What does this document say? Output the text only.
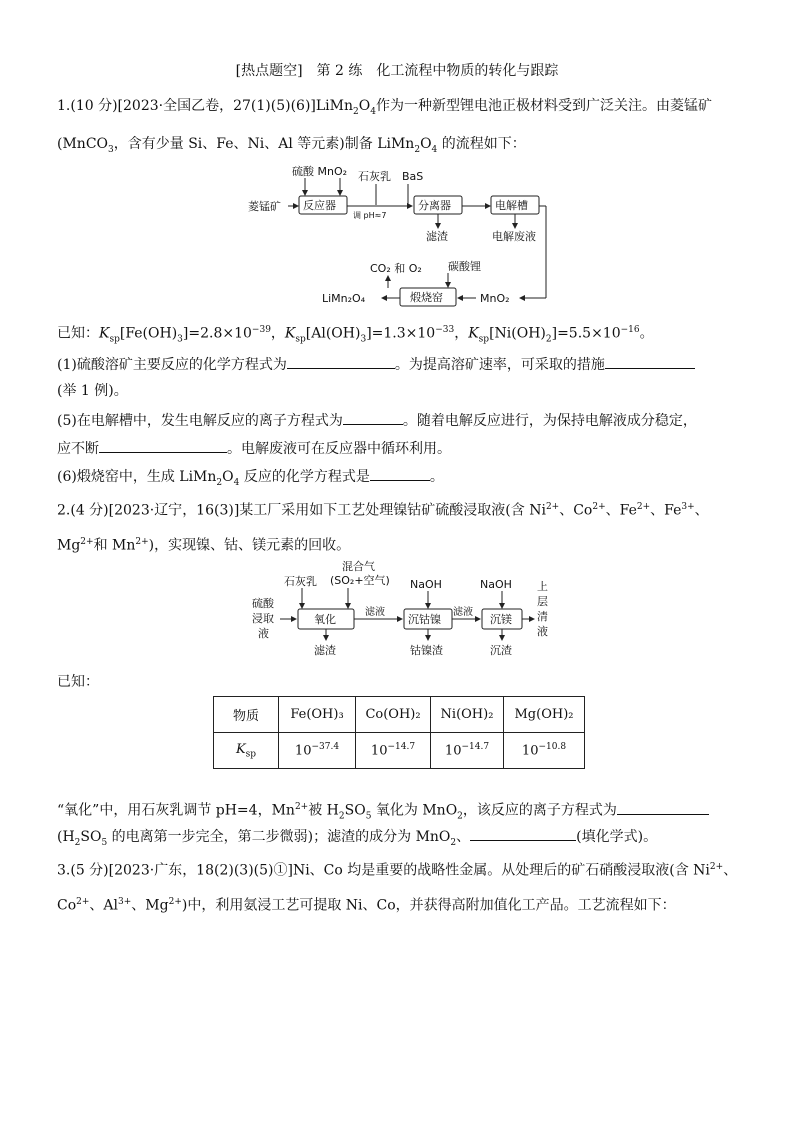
[热点题空]　第 2 练　化工流程中物质的转化与跟踪
1.(10 分)[2023·全国乙卷，$27(1)(5)(6)]LiMn_2O_4$作为一种新型锂电池正极材料受到广泛关注。由菱锰矿
(MnCO$_3$，含有少量 Si、Fe、Ni、Al 等元素)制备 $LiMn_2O_4$ 的流程如下：
菱锰矿 反应器
硫酸 MnO₂ 石灰乳
调 pH≈7
BaS
分离器
滤渣
电解槽
电解废液
MnO₂
煅烧窑
CO₂ 和 O₂ 碳酸锂
LiMn₂O₄
已知：$K_{sp}[Fe(OH)_3]=2.8\times 10^{-39}$，$K_{sp}[Al(OH)_3]=1.3\times 10^{-33}$，$K_{sp}[Ni(OH)_2]=5.5\times 10^{-16}$。
(1)硫酸溶矿主要反应的化学方程式为	。为提高溶矿速率，可采取的措施
(举 1 例)。
(5)在电解槽中，发生电解反应的离子方程式为	。随着电解反应进行，为保持电解液成分稳定，
应不断	。电解废液可在反应器中循环利用。
(6)煅烧窑中，生成 $LiMn_2O_4$ 反应的化学方程式是	。
2.(4 分)[2023·辽宁，16(3)]某工厂采用如下工艺处理镍钴矿硫酸浸取液(含 $Ni^{2+}$、$Co^{2+}$、$Fe^{2+}$、$Fe^{3+}$、
$Mg^{2+}$和 $Mn^{2+}$)，实现镍、钴、镁元素的回收。
硫酸
浸取
液
氧化
石灰乳
混合气
(SO₂+空气)
滤渣
滤液
沉钴镍
NaOH
钴镍渣
滤液
沉镁
NaOH
沉渣
上
层
清
液
已知：
物质	Fe(OH)₃	Co(OH)₂	Ni(OH)₂	Mg(OH)₂
$K_{sp}$	$10^{-37.4}$	$10^{-14.7}$	$10^{-14.7}$	$10^{-10.8}$
“氧化”中，用石灰乳调节 pH=4，$Mn^{2+}$被 $H_2SO_5$ 氧化为 MnO$_2$，该反应的离子方程式为
($H_2SO_5$ 的电离第一步完全，第二步微弱)；滤渣的成分为 MnO$_2$、	(填化学式)。
3.(5 分)[2023·广东，18(2)(3)(5)①]Ni、Co 均是重要的战略性金属。从处理后的矿石硝酸浸取液(含 $Ni^{2+}$、
$Co^{2+}$、$Al^{3+}$、$Mg^{2+}$)中，利用氨浸工艺可提取 Ni、Co，并获得高附加值化工产品。工艺流程如下：
